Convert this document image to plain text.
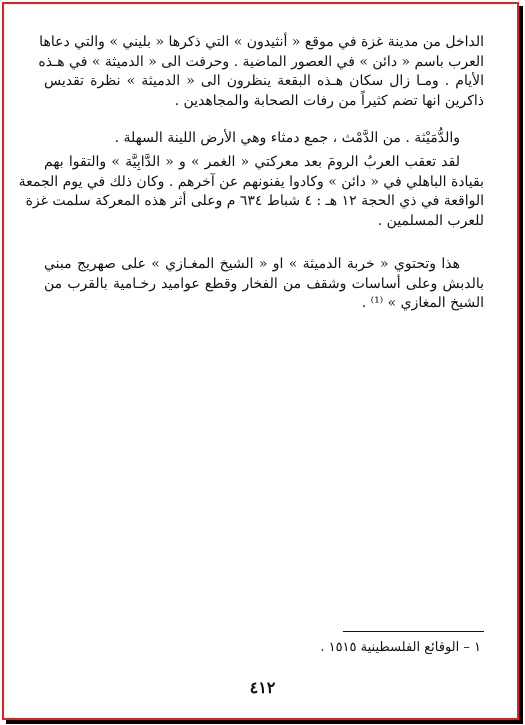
الداخل من مدينة غزة في موقع « أنثيدون » التي ذكرها « بليني » والتي دعاها
العرب باسم « دائن » في العصور الماضية . وحرفت الى « الدميثة » في هـذه
الأيام . ومـا زال سكان هـذه البقعة ينظرون الى « الدميثة » نظرة تقديس
ذاكرين انها تضم كثيراً من رفات الصحابة والمجاهدين .
والدُّمَيْثة . من الدَّمْث ، جمع دمثاء وهي الأرض اللينة السهلة .
لقد تعقب العربُ الرومَ بعد معركتي « الغمر » و « الدَّابِيَّة » والتقوا بهم
بقيادة الباهلي في « دائن » وكادوا يفنونهم عن آخرهم . وكان ذلك في يوم الجمعة
الواقعة في ذي الحجة ١٢ هـ : ٤ شباط ٦٣٤ م وعلى أثر هذه المعركة سلمت غزة
للعرب المسلمين .
هذا وتحتوي « خربة الدميثة » او « الشيخ المغـازي » على صهريج مبني
بالدبش وعلى أساسات وشقف من الفخار وقطع عواميد رخـامية بالقرب من
الشيخ المغازي » ⁽¹⁾ .
١ – الوقائع الفلسطينية ١٥١٥ .
٤١٢
